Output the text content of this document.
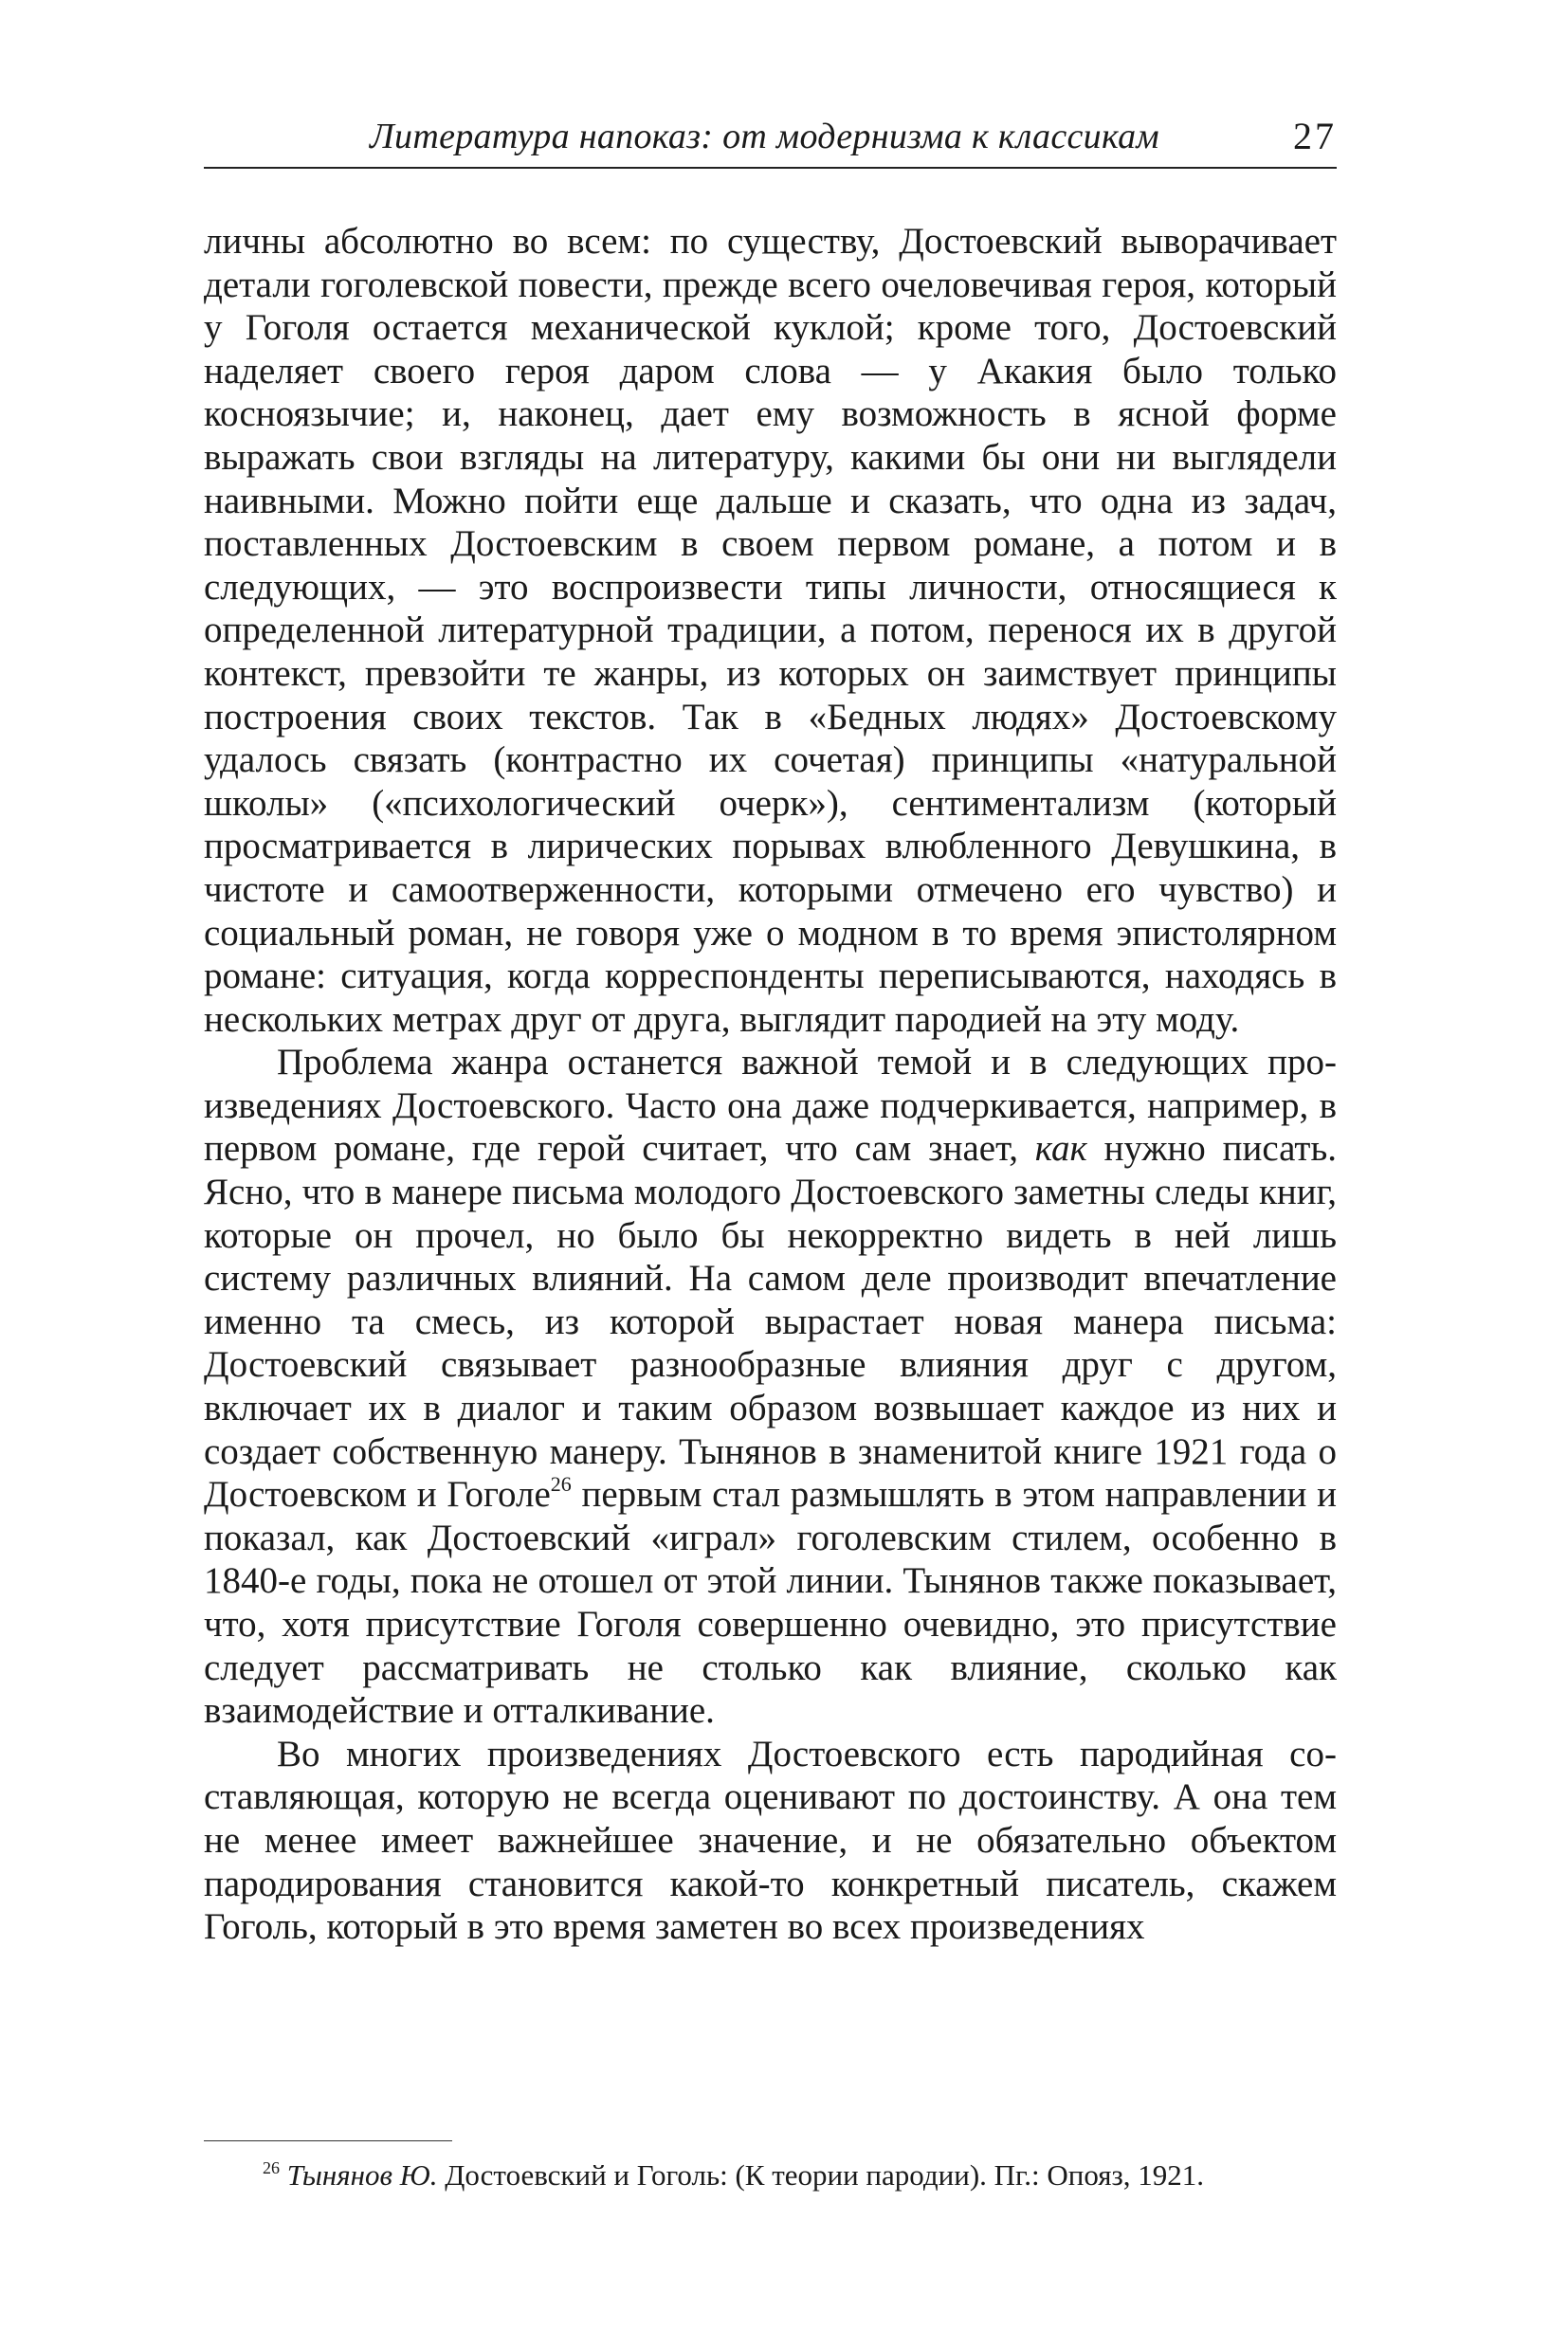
Литература напоказ: от модернизма к классикам	27

личны абсолютно во всем: по существу, Достоевский выворачивает детали гоголевской повести, прежде всего очеловечивая героя, который у Гоголя остается механической куклой; кроме того, Достоевский наделяет своего героя даром слова — у Акакия было только косноязычие; и, наконец, дает ему возможность в ясной форме выражать свои взгляды на литературу, какими бы они ни выглядели наивными. Можно пойти еще дальше и сказать, что одна из задач, поставленных Достоевским в своем первом романе, а потом и в следующих, — это воспроизвести типы личности, относящиеся к определенной литературной традиции, а потом, перенося их в другой контекст, превзойти те жанры, из которых он заимствует принципы построения своих текстов. Так в «Бедных людях» Достоевскому удалось связать (контрастно их сочетая) принципы «натуральной школы» («психологический очерк»), сентиментализм (который просматривается в лирических порывах влюбленного Девушкина, в чистоте и самоотверженности, которыми отмечено его чувство) и социальный роман, не говоря уже о модном в то время эпистолярном романе: ситуация, когда корреспонденты переписываются, находясь в нескольких метрах друг от друга, выглядит пародией на эту моду.

Проблема жанра останется важной темой и в следующих произведениях Достоевского. Часто она даже подчеркивается, например, в первом романе, где герой считает, что сам знает, как нужно писать. Ясно, что в манере письма молодого Достоевского заметны следы книг, которые он прочел, но было бы некорректно видеть в ней лишь систему различных влияний. На самом деле производит впечатление именно та смесь, из которой вырастает новая манера письма: Достоевский связывает разнообразные влияния друг с другом, включает их в диалог и таким образом возвышает каждое из них и создает собственную манеру. Тынянов в знаменитой книге 1921 года о Достоевском и Гоголе$^{26}$ первым стал размышлять в этом направлении и показал, как Достоевский «играл» гоголевским стилем, особенно в 1840-е годы, пока не отошел от этой линии. Тынянов также показывает, что, хотя присутствие Гоголя совершенно очевидно, это присутствие следует рассматривать не столько как влияние, сколько как взаимодействие и отталкивание.

Во многих произведениях Достоевского есть пародийная составляющая, которую не всегда оценивают по достоинству. А она тем не менее имеет важнейшее значение, и не обязательно объектом пародирования становится какой-то конкретный писатель, скажем Гоголь, который в это время заметен во всех произведениях

$^{26}$ Тынянов Ю. Достоевский и Гоголь: (К теории пародии). Пг.: Опояз, 1921.
